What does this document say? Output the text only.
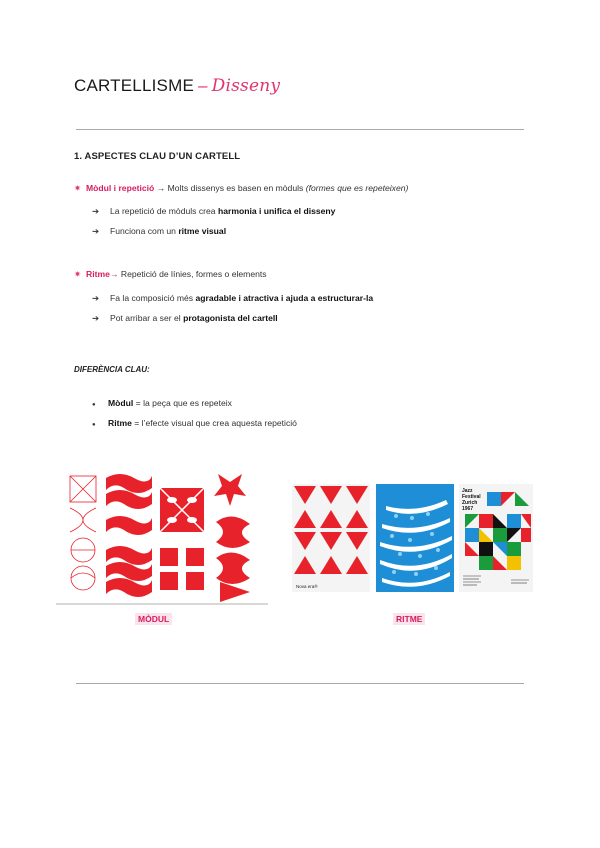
CARTELLISME – Disseny
1. ASPECTES CLAU D’UN CARTELL
✷ Mòdul i repetició → Molts dissenys es basen en mòduls (formes que es repeteixen)
➔ La repetició de mòduls crea harmonia i unifica el disseny
➔ Funciona com un ritme visual
✷ Ritme→ Repetició de línies, formes o elements
➔ Fa la composició més agradable i atractiva i ajuda a estructurar-la
➔ Pot arribar a ser el protagonista del cartell
DIFERÈNCIA CLAU:
● Mòdul = la peça que es repeteix
● Ritme = l’efecte visual que crea aquesta repetició
Nova era®
Jazz
Festival
Zurich
1967
MÒDUL	RITME
